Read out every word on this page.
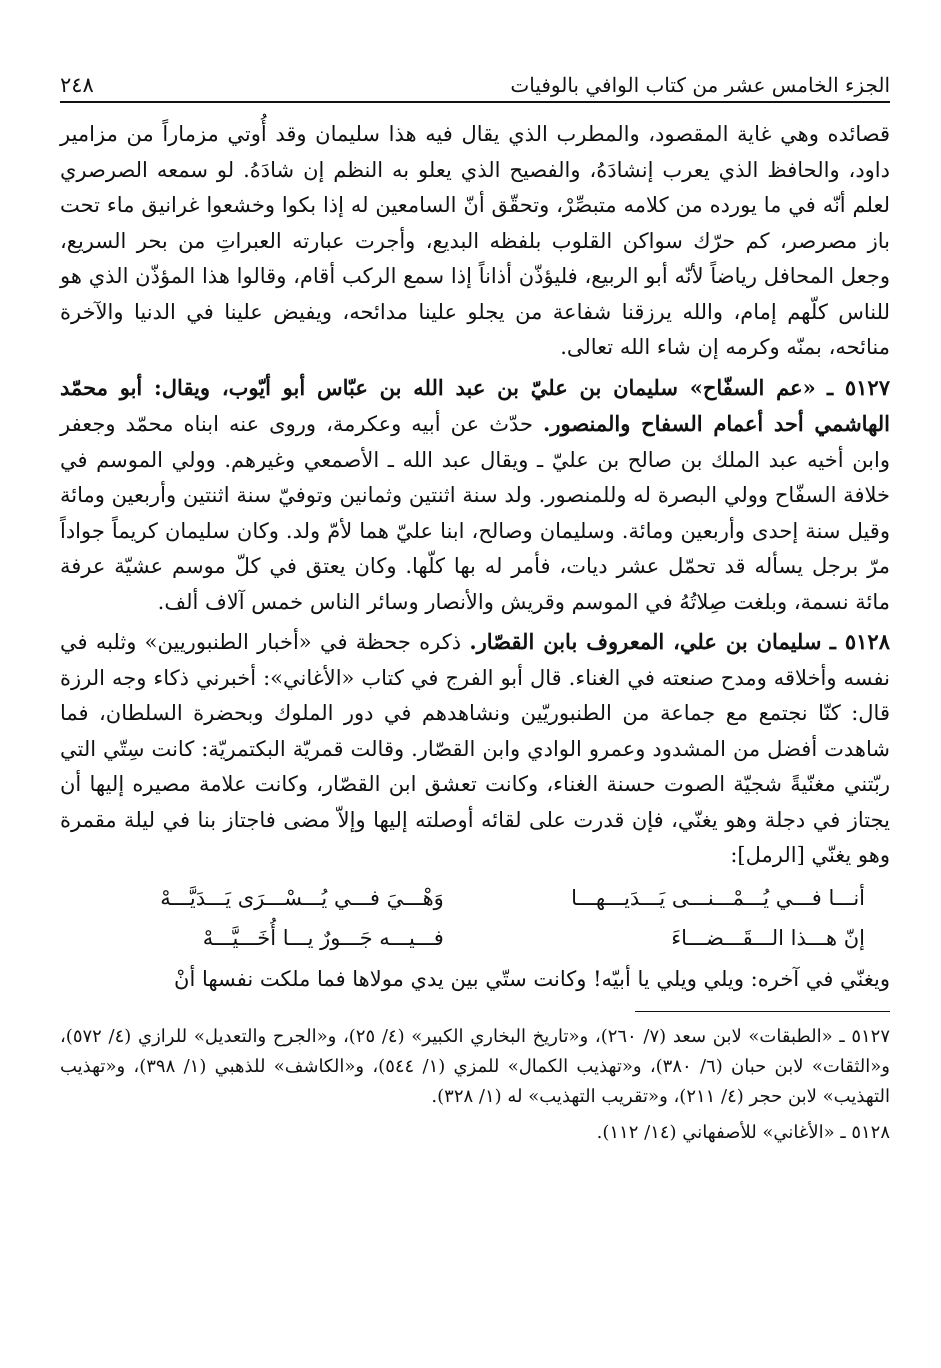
الجزء الخامس عشر من كتاب الوافي بالوفيات
٢٤٨

قصائده وهي غاية المقصود، والمطرب الذي يقال فيه هذا سليمان وقد أُوتي مزماراً من مزامير داود، والحافظ الذي يعرب إنشادَهُ، والفصيح الذي يعلو به النظم إن شادَهُ. لو سمعه الصرصري لعلم أنّه في ما يورده من كلامه متبصِّرْ، وتحقّق أنّ السامعين له إذا بكوا وخشعوا غرانيق ماء تحت باز مصرصر، كم حرّك سواكن القلوب بلفظه البديع، وأجرت عبارته العبراتِ من بحر السريع، وجعل المحافل رياضاً لأنّه أبو الربيع، فليؤذّن أذاناً إذا سمع الركب أقام، وقالوا هذا المؤذّن الذي هو للناس كلّهم إمام، والله يرزقنا شفاعة من يجلو علينا مدائحه، ويفيض علينا في الدنيا والآخرة منائحه، بمنّه وكرمه إن شاء الله تعالى.

٥١٢٧ ـ «عم السفّاح» سليمان بن عليّ بن عبد الله بن عبّاس أبو أيّوب، ويقال: أبو محمّد الهاشمي أحد أعمام السفاح والمنصور. حدّث عن أبيه وعكرمة، وروى عنه ابناه محمّد وجعفر وابن أخيه عبد الملك بن صالح بن عليّ ـ ويقال عبد الله ـ الأصمعي وغيرهم. وولي الموسم في خلافة السفّاح وولي البصرة له وللمنصور. ولد سنة اثنتين وثمانين وتوفيّ سنة اثنتين وأربعين ومائة وقيل سنة إحدى وأربعين ومائة. وسليمان وصالح، ابنا عليّ هما لأمّ ولد. وكان سليمان كريماً جواداً مرّ برجل يسأله قد تحمّل عشر ديات، فأمر له بها كلّها. وكان يعتق في كلّ موسم عشيّة عرفة مائة نسمة، وبلغت صِلاتُهُ في الموسم وقريش والأنصار وسائر الناس خمس آلاف ألف.

٥١٢٨ ـ سليمان بن علي، المعروف بابن القصّار. ذكره جحظة في «أخبار الطنبوريين» وثلبه في نفسه وأخلاقه ومدح صنعته في الغناء. قال أبو الفرج في كتاب «الأغاني»: أخبرني ذكاء وجه الرزة قال: كنّا نجتمع مع جماعة من الطنبوريّين ونشاهدهم في دور الملوك وبحضرة السلطان، فما شاهدت أفضل من المشدود وعمرو الوادي وابن القصّار. وقالت قمريّة البكتمريّة: كانت سِتّي التي ربّتني مغنّيةً شجيّة الصوت حسنة الغناء، وكانت تعشق ابن القصّار، وكانت علامة مصيره إليها أن يجتاز في دجلة وهو يغنّي، فإن قدرت على لقائه أوصلته إليها وإلاّ مضى فاجتاز بنا في ليلة مقمرة وهو يغنّي [الرمل]:

أنـــا فـــي يُـــمْـــنـــى يَـــدَيـــهـــا
وَهْـــيَ فـــي يُـــسْـــرَى يَـــدَيَّـــهْ
إنّ هـــذا الـــقَـــضـــاءَ
فـــيـــه جَـــورٌ يـــا أُخَـــيَّـــهْ

ويغنّي في آخره: ويلي ويلي يا أبيّه! وكانت ستّي بين يدي مولاها فما ملكت نفسها أنْ

٥١٢٧ ـ «الطبقات» لابن سعد (٧/ ٢٦٠)، و«تاريخ البخاري الكبير» (٤/ ٢٥)، و«الجرح والتعديل» للرازي (٤/ ٥٧٢)، و«الثقات» لابن حبان (٦/ ٣٨٠)، و«تهذيب الكمال» للمزي (١/ ٥٤٤)، و«الكاشف» للذهبي (١/ ٣٩٨)، و«تهذيب التهذيب» لابن حجر (٤/ ٢١١)، و«تقريب التهذيب» له (١/ ٣٢٨).

٥١٢٨ ـ «الأغاني» للأصفهاني (١٤/ ١١٢).
